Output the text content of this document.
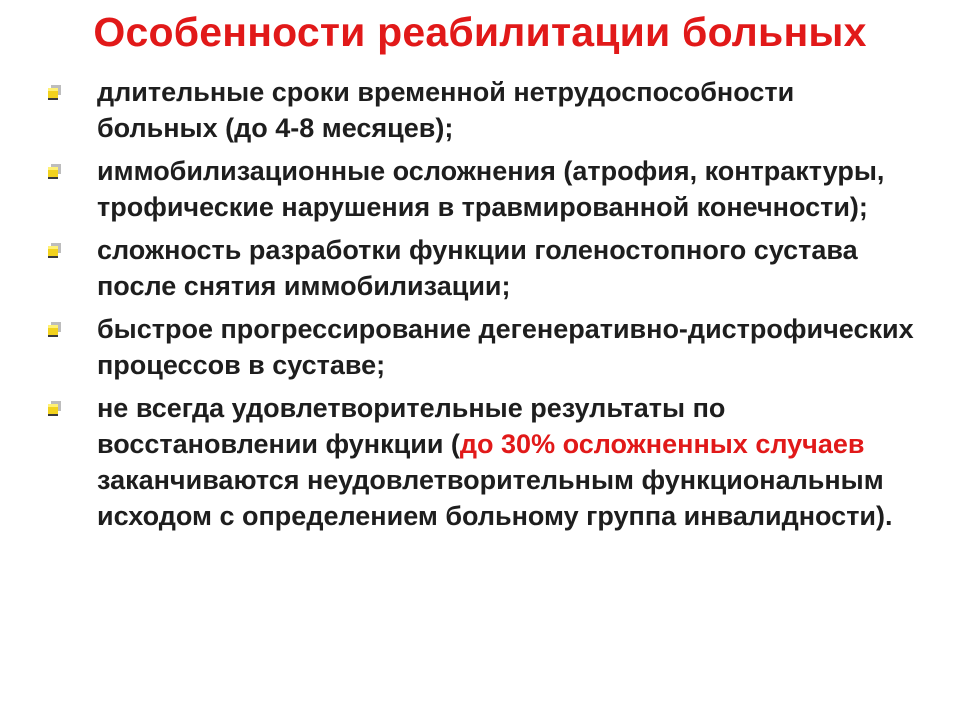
Особенности реабилитации больных
длительные сроки временной нетрудоспособности больных (до 4-8 месяцев);
иммобилизационные осложнения (атрофия, контрактуры, трофические нарушения в травмированной конечности);
сложность разработки функции голеностопного сустава после снятия иммобилизации;
быстрое прогрессирование дегенеративно-дистрофических процессов в суставе;
не всегда удовлетворительные результаты по восстановлении функции (до 30% осложненных случаев заканчиваются неудовлетворительным функциональным исходом с определением больному группа инвалидности).
